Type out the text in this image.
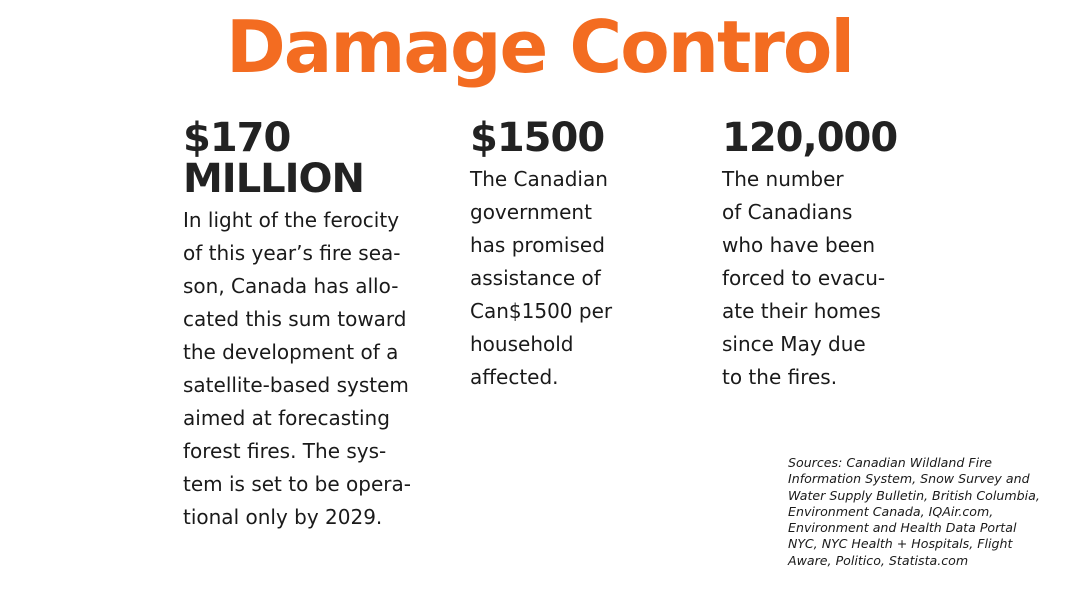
Damage Control
$170
MILLION
In light of the ferocity
of this year’s fire sea-
son, Canada has allo-
cated this sum toward
the development of a
satellite-based system
aimed at forecasting
forest fires. The sys-
tem is set to be opera-
tional only by 2029.
$1500
The Canadian
government
has promised
assistance of
Can$1500 per
household
affected.
120,000
The number
of Canadians
who have been
forced to evacu-
ate their homes
since May due
to the fires.
Sources: Canadian Wildland Fire
Information System, Snow Survey and
Water Supply Bulletin, British Columbia,
Environment Canada, IQAir.com,
Environment and Health Data Portal
NYC, NYC Health + Hospitals, Flight
Aware, Politico, Statista.com
